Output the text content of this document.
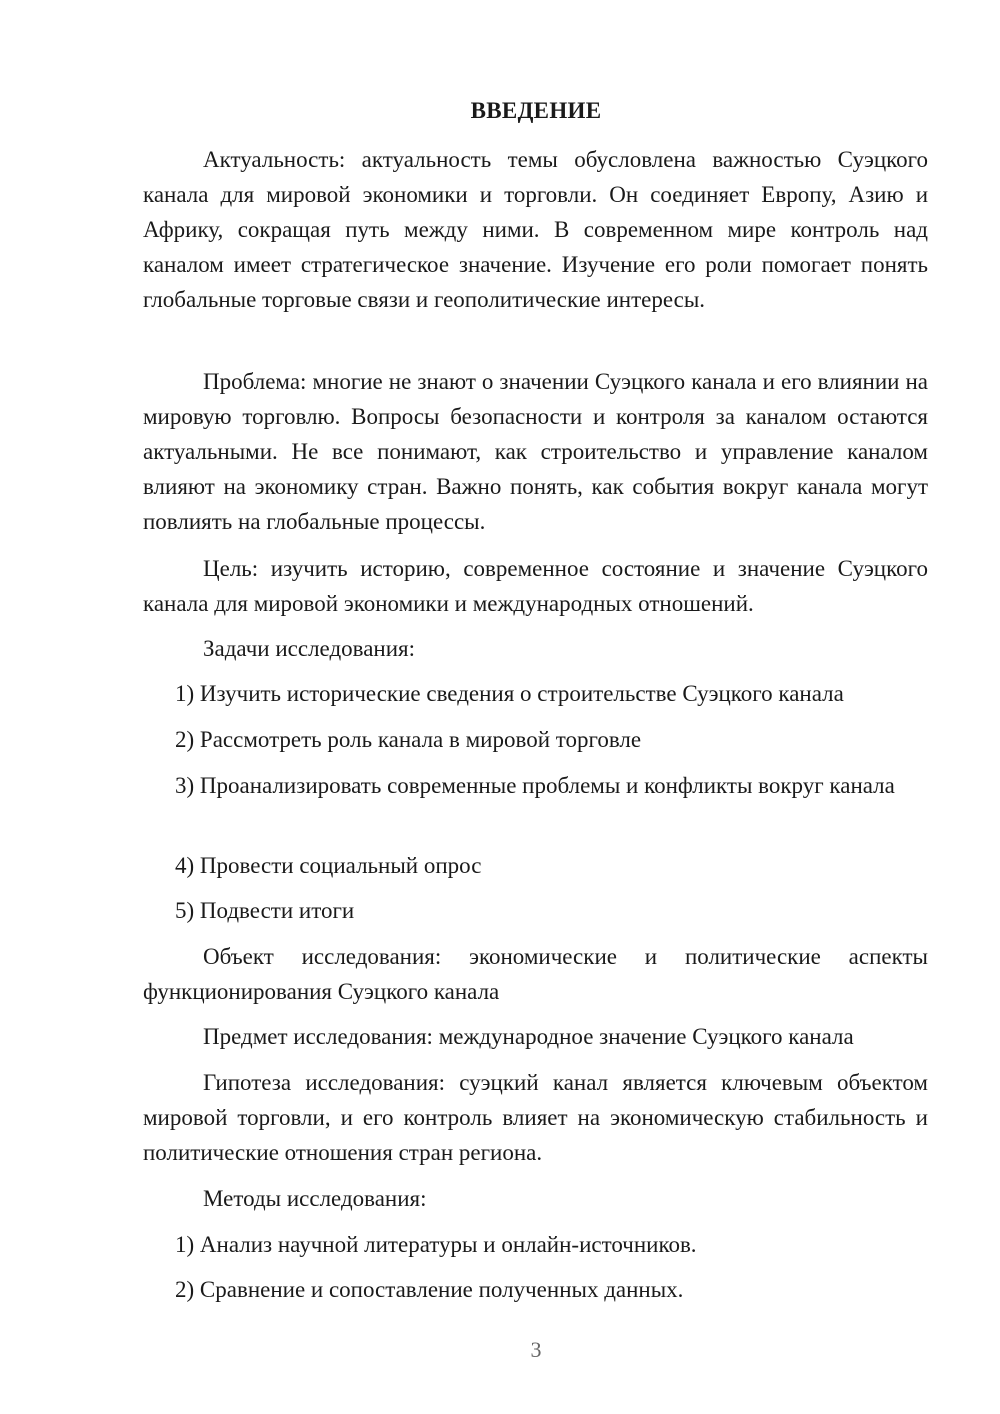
ВВЕДЕНИЕ

Актуальность: актуальность темы обусловлена важностью Суэцкого канала для мировой экономики и торговли. Он соединяет Европу, Азию и Африку, сокращая путь между ними. В современном мире контроль над каналом имеет стратегическое значение. Изучение его роли помогает понять глобальные торговые связи и геополитические интересы.

Проблема: многие не знают о значении Суэцкого канала и его влиянии на мировую торговлю. Вопросы безопасности и контроля за каналом остаются актуальными. Не все понимают, как строительство и управление каналом влияют на экономику стран. Важно понять, как события вокруг канала могут повлиять на глобальные процессы.

Цель: изучить историю, современное состояние и значение Суэцкого канала для мировой экономики и международных отношений.

Задачи исследования:

1) Изучить исторические сведения о строительстве Суэцкого канала

2) Рассмотреть роль канала в мировой торговле

3) Проанализировать современные проблемы и конфликты вокруг канала

4) Провести социальный опрос

5) Подвести итоги

Объект исследования: экономические и политические аспекты функционирования Суэцкого канала

Предмет исследования: международное значение Суэцкого канала

Гипотеза исследования: суэцкий канал является ключевым объектом мировой торговли, и его контроль влияет на экономическую стабильность и политические отношения стран региона.

Методы исследования:

1) Анализ научной литературы и онлайн-источников.

2) Сравнение и сопоставление полученных данных.

3
